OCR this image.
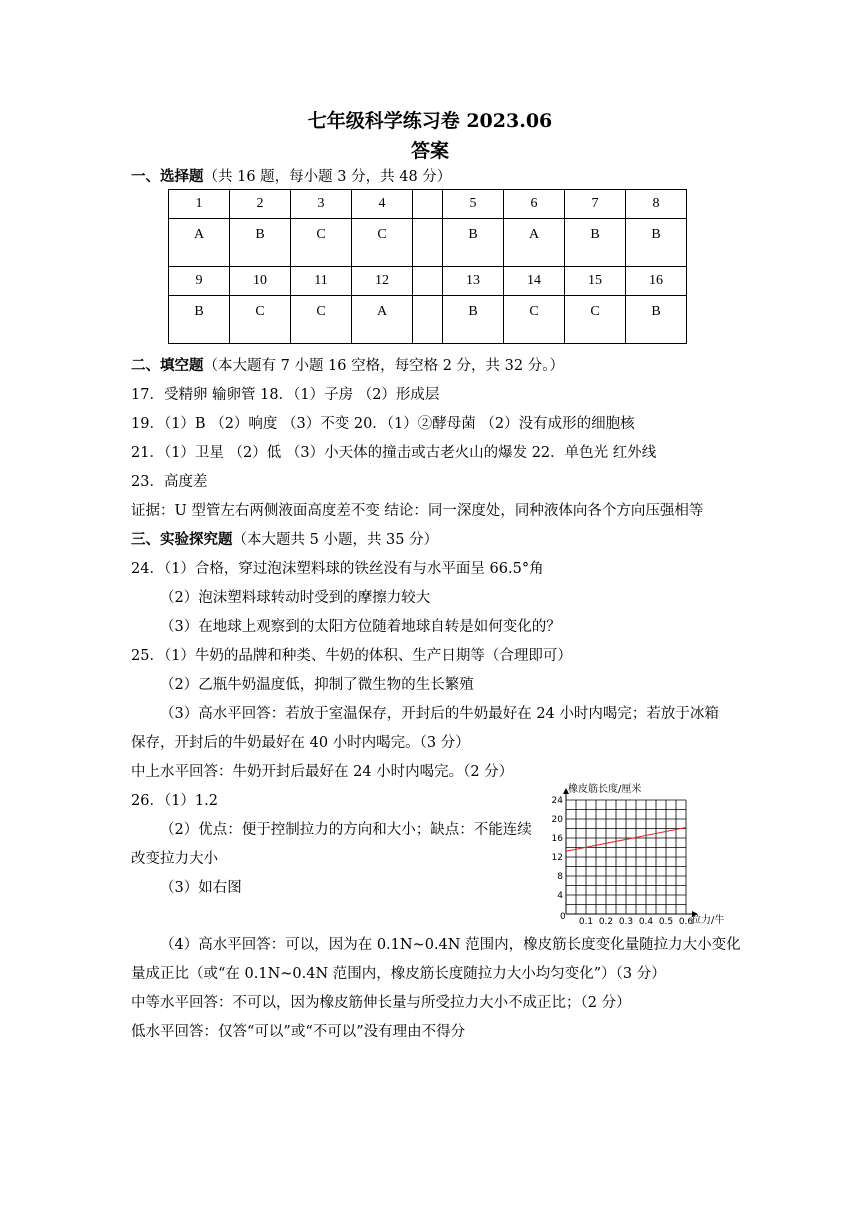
七年级科学练习卷 2023.06
答案
一、选择题（共 16 题，每小题 3 分，共 48 分）
1	2	3	4		5	6	7	8
A	B	C	C		B	A	B	B
9	10	11	12		13	14	15	16
B	C	C	A		B	C	C	B
二、填空题（本大题有 7 小题 16 空格，每空格 2 分，共 32 分。）
17．受精卵 输卵管 18．（1）子房 （2）形成层
19．（1）B （2）响度 （3）不变 20．（1）②酵母菌 （2）没有成形的细胞核
21．（1）卫星 （2）低 （3）小天体的撞击或古老火山的爆发 22．单色光 红外线
23．高度差
证据：U 型管左右两侧液面高度差不变 结论：同一深度处，同种液体向各个方向压强相等
三、实验探究题（本大题共 5 小题，共 35 分）
24．（1）合格，穿过泡沫塑料球的铁丝没有与水平面呈 66.5°角
（2）泡沫塑料球转动时受到的摩擦力较大
（3）在地球上观察到的太阳方位随着地球自转是如何变化的？
25．（1）牛奶的品牌和种类、牛奶的体积、生产日期等（合理即可）
（2）乙瓶牛奶温度低，抑制了微生物的生长繁殖
（3）高水平回答：若放于室温保存，开封后的牛奶最好在 24 小时内喝完；若放于冰箱
保存，开封后的牛奶最好在 40 小时内喝完。（3 分）
中上水平回答：牛奶开封后最好在 24 小时内喝完。（2 分）
26．（1）1.2
（2）优点：便于控制拉力的方向和大小；缺点：不能连续
改变拉力大小
（3）如右图
（4）高水平回答：可以，因为在 0.1N~0.4N 范围内，橡皮筋长度变化量随拉力大小变化
量成正比（或“在 0.1N~0.4N 范围内，橡皮筋长度随拉力大小均匀变化”）（3 分）
中等水平回答：不可以，因为橡皮筋伸长量与所受拉力大小不成正比；（2 分）
低水平回答：仅答“可以”或“不可以”没有理由不得分
0.1 0.2 0.3 0.4 0.5 0.6
4
8
12
16
20
24
橡皮筋长度/厘米
拉力/牛
0
